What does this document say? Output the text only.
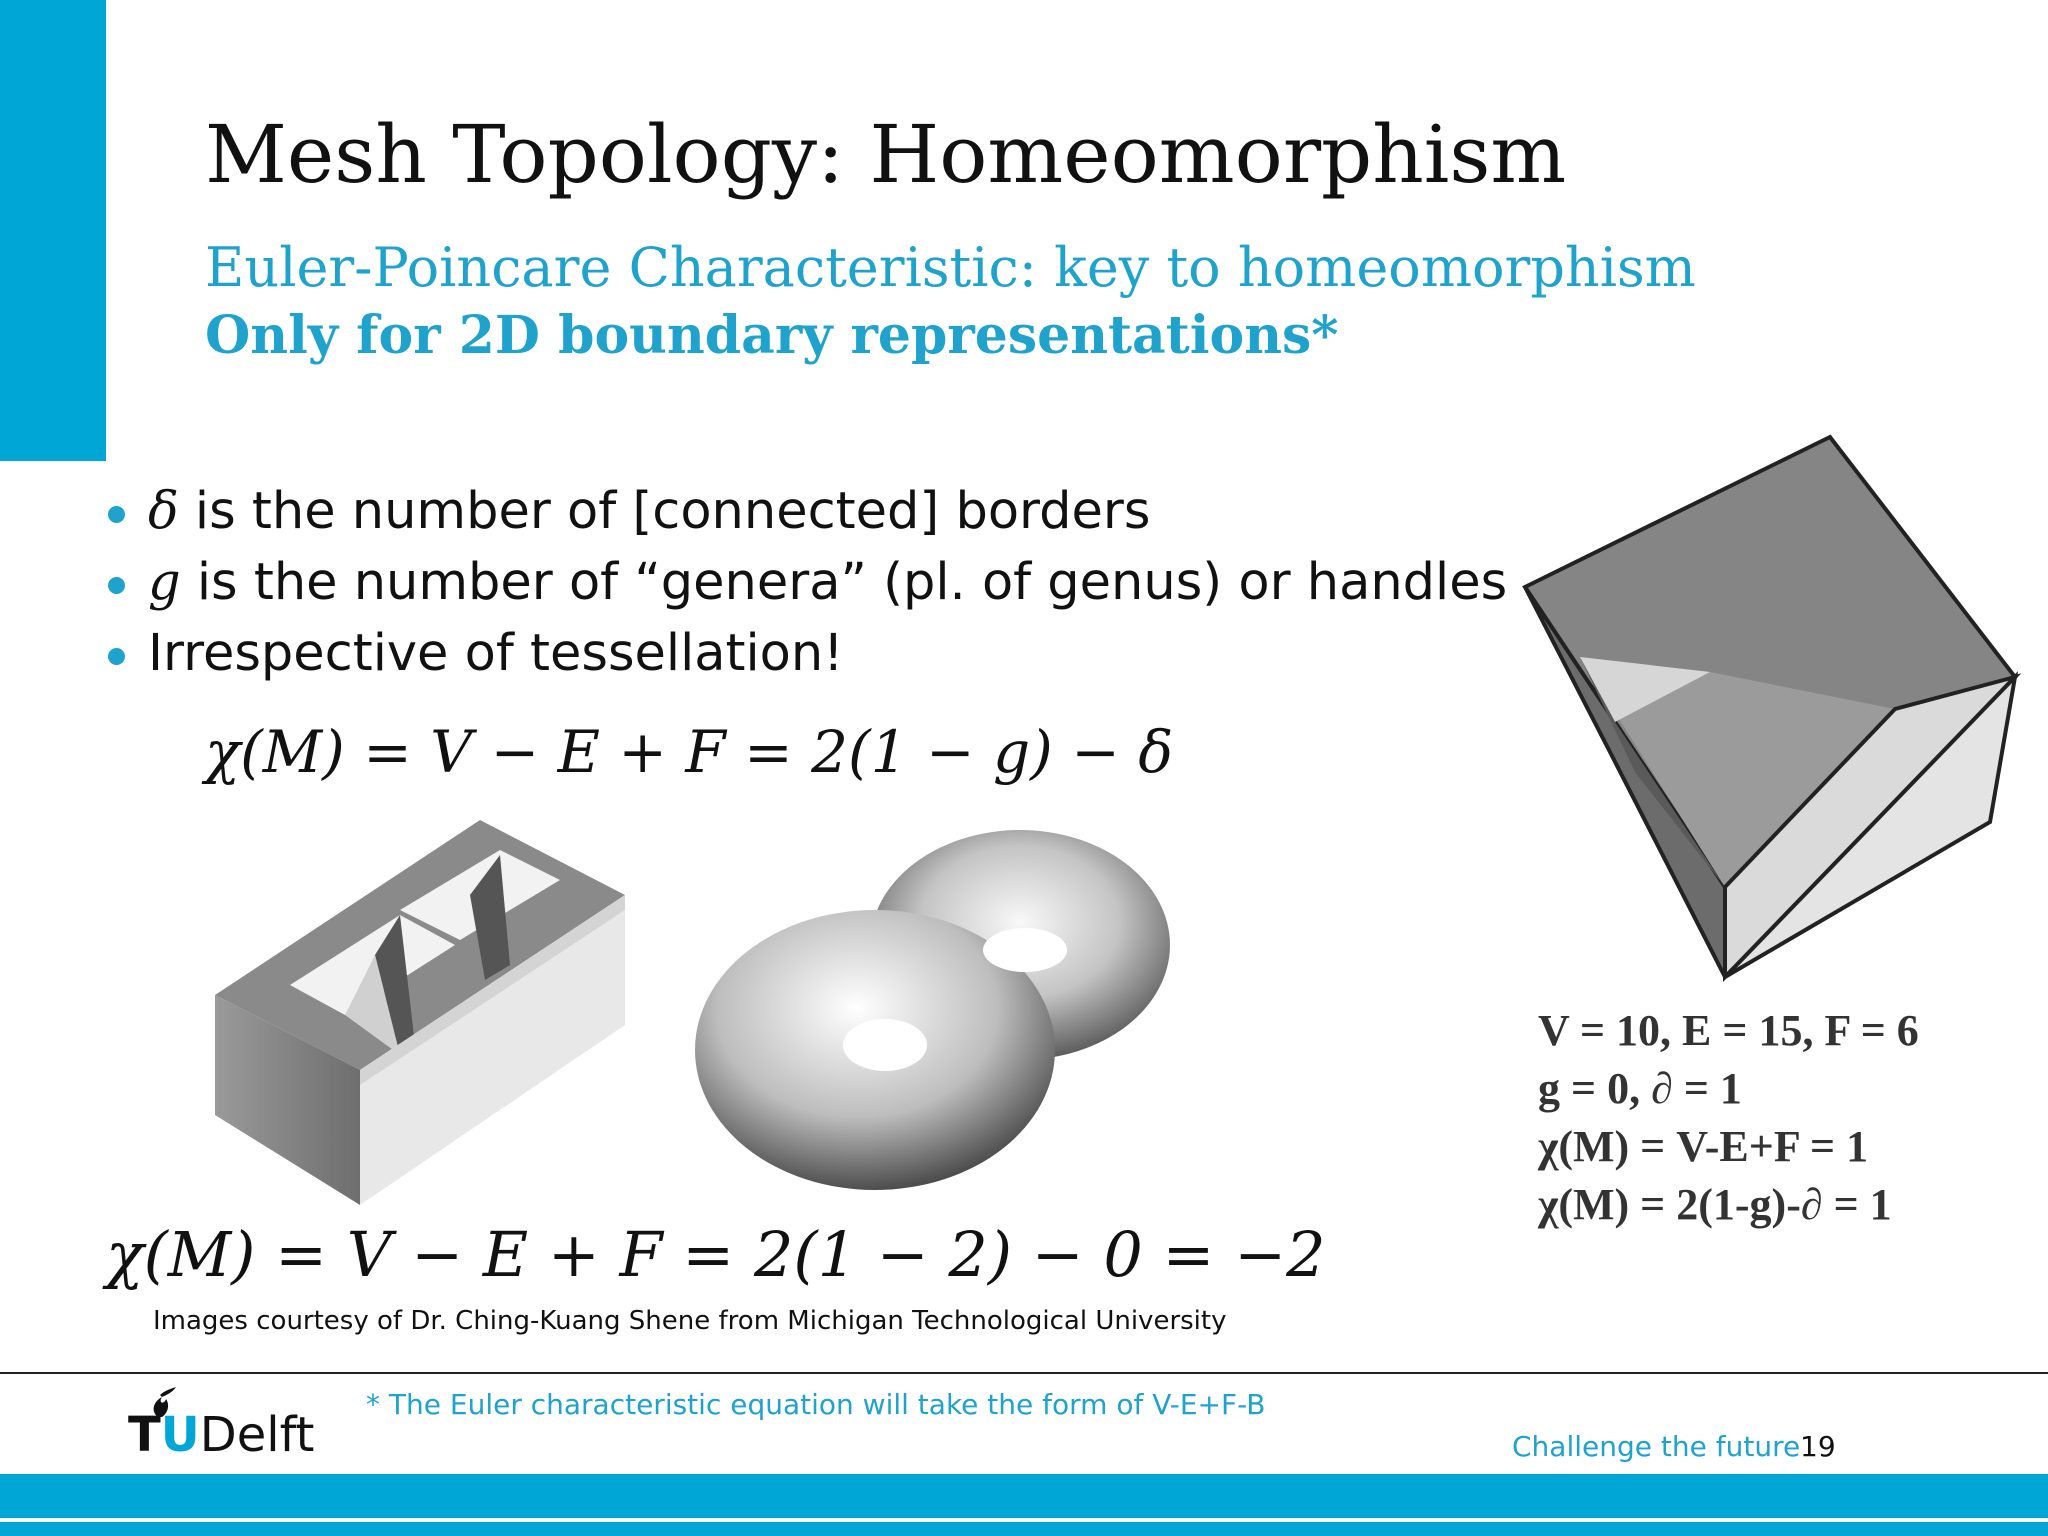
Mesh Topology: Homeomorphism
Euler-Poincare Characteristic: key to homeomorphism
Only for 2D boundary representations*
δ is the number of [connected] borders
g is the number of “genera” (pl. of genus) or handles
Irrespective of tessellation!
χ(M) = V − E + F = 2(1 − g) − δ
χ(M) = V − E + F = 2(1 − 2) − 0 = −2
Images courtesy of Dr. Ching-Kuang Shene from Michigan Technological University
V = 10, E = 15, F = 6
g = 0, ∂ = 1
χ(M) = V-E+F = 1
χ(M) = 2(1-g)-∂ = 1
TUDelft
* The Euler characteristic equation will take the form of V-E+F-B
Challenge the future 19
